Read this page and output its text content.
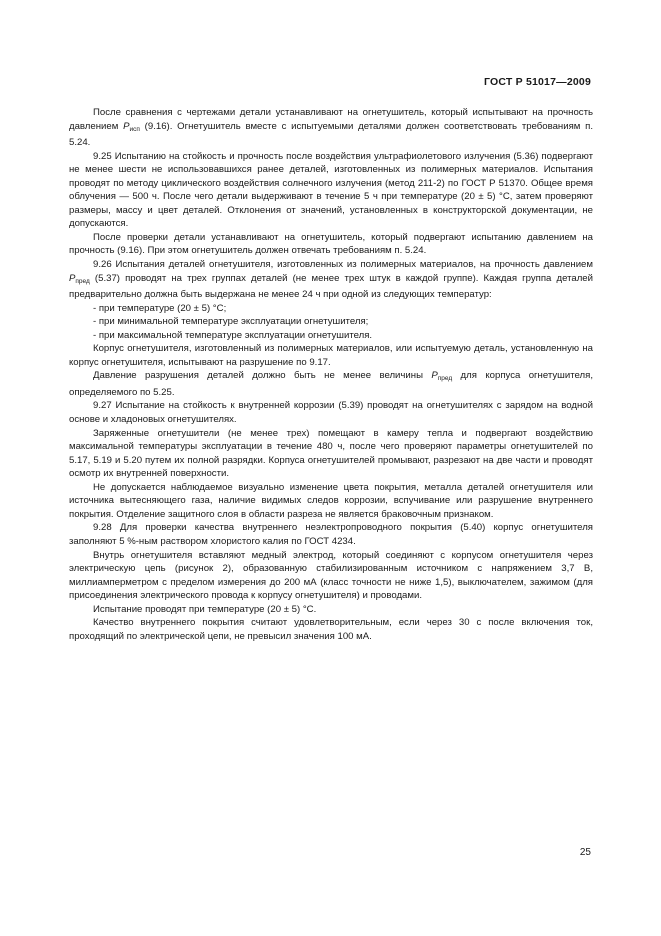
ГОСТ Р 51017—2009

После сравнения с чертежами детали устанавливают на огнетушитель, который испытывают на прочность давлением $P_{исп}$ (9.16). Огнетушитель вместе с испытуемыми деталями должен соответствовать требованиям п. 5.24.

9.25 Испытанию на стойкость и прочность после воздействия ультрафиолетового излучения (5.36) подвергают не менее шести не использовавшихся ранее деталей, изготовленных из полимерных материалов. Испытания проводят по методу циклического воздействия солнечного излучения (метод 211-2) по ГОСТ Р 51370. Общее время облучения — 500 ч. После чего детали выдерживают в течение 5 ч при температуре (20 ± 5) °С, затем проверяют размеры, массу и цвет деталей. Отклонения от значений, установленных в конструкторской документации, не допускаются.

После проверки детали устанавливают на огнетушитель, который подвергают испытанию давлением на прочность (9.16). При этом огнетушитель должен отвечать требованиям п. 5.24.

9.26 Испытания деталей огнетушителя, изготовленных из полимерных материалов, на прочность давлением $P_{пред}$ (5.37) проводят на трех группах деталей (не менее трех штук в каждой группе). Каждая группа деталей предварительно должна быть выдержана не менее 24 ч при одной из следующих температур:

- при температуре (20 ± 5) °С;

- при минимальной температуре эксплуатации огнетушителя;

- при максимальной температуре эксплуатации огнетушителя.

Корпус огнетушителя, изготовленный из полимерных материалов, или испытуемую деталь, установленную на корпус огнетушителя, испытывают на разрушение по 9.17.

Давление разрушения деталей должно быть не менее величины $P_{пред}$ для корпуса огнетушителя, определяемого по 5.25.

9.27 Испытание на стойкость к внутренней коррозии (5.39) проводят на огнетушителях с зарядом на водной основе и хладоновых огнетушителях.

Заряженные огнетушители (не менее трех) помещают в камеру тепла и подвергают воздействию максимальной температуры эксплуатации в течение 480 ч, после чего проверяют параметры огнетушителей по 5.17, 5.19 и 5.20 путем их полной разрядки. Корпуса огнетушителей промывают, разрезают на две части и проводят осмотр их внутренней поверхности.

Не допускается наблюдаемое визуально изменение цвета покрытия, металла деталей огнетушителя или источника вытесняющего газа, наличие видимых следов коррозии, вспучивание или разрушение внутреннего покрытия. Отделение защитного слоя в области разреза не является браковочным признаком.

9.28 Для проверки качества внутреннего неэлектропроводного покрытия (5.40) корпус огнетушителя заполняют 5 %-ным раствором хлористого калия по ГОСТ 4234.

Внутрь огнетушителя вставляют медный электрод, который соединяют с корпусом огнетушителя через электрическую цепь (рисунок 2), образованную стабилизированным источником с напряжением 3,7 В, миллиамперметром с пределом измерения до 200 мА (класс точности не ниже 1,5), выключателем, зажимом (для присоединения электрического провода к корпусу огнетушителя) и проводами.

Испытание проводят при температуре (20 ± 5) °С.

Качество внутреннего покрытия считают удовлетворительным, если через 30 с после включения ток, проходящий по электрической цепи, не превысил значения 100 мА.

25
